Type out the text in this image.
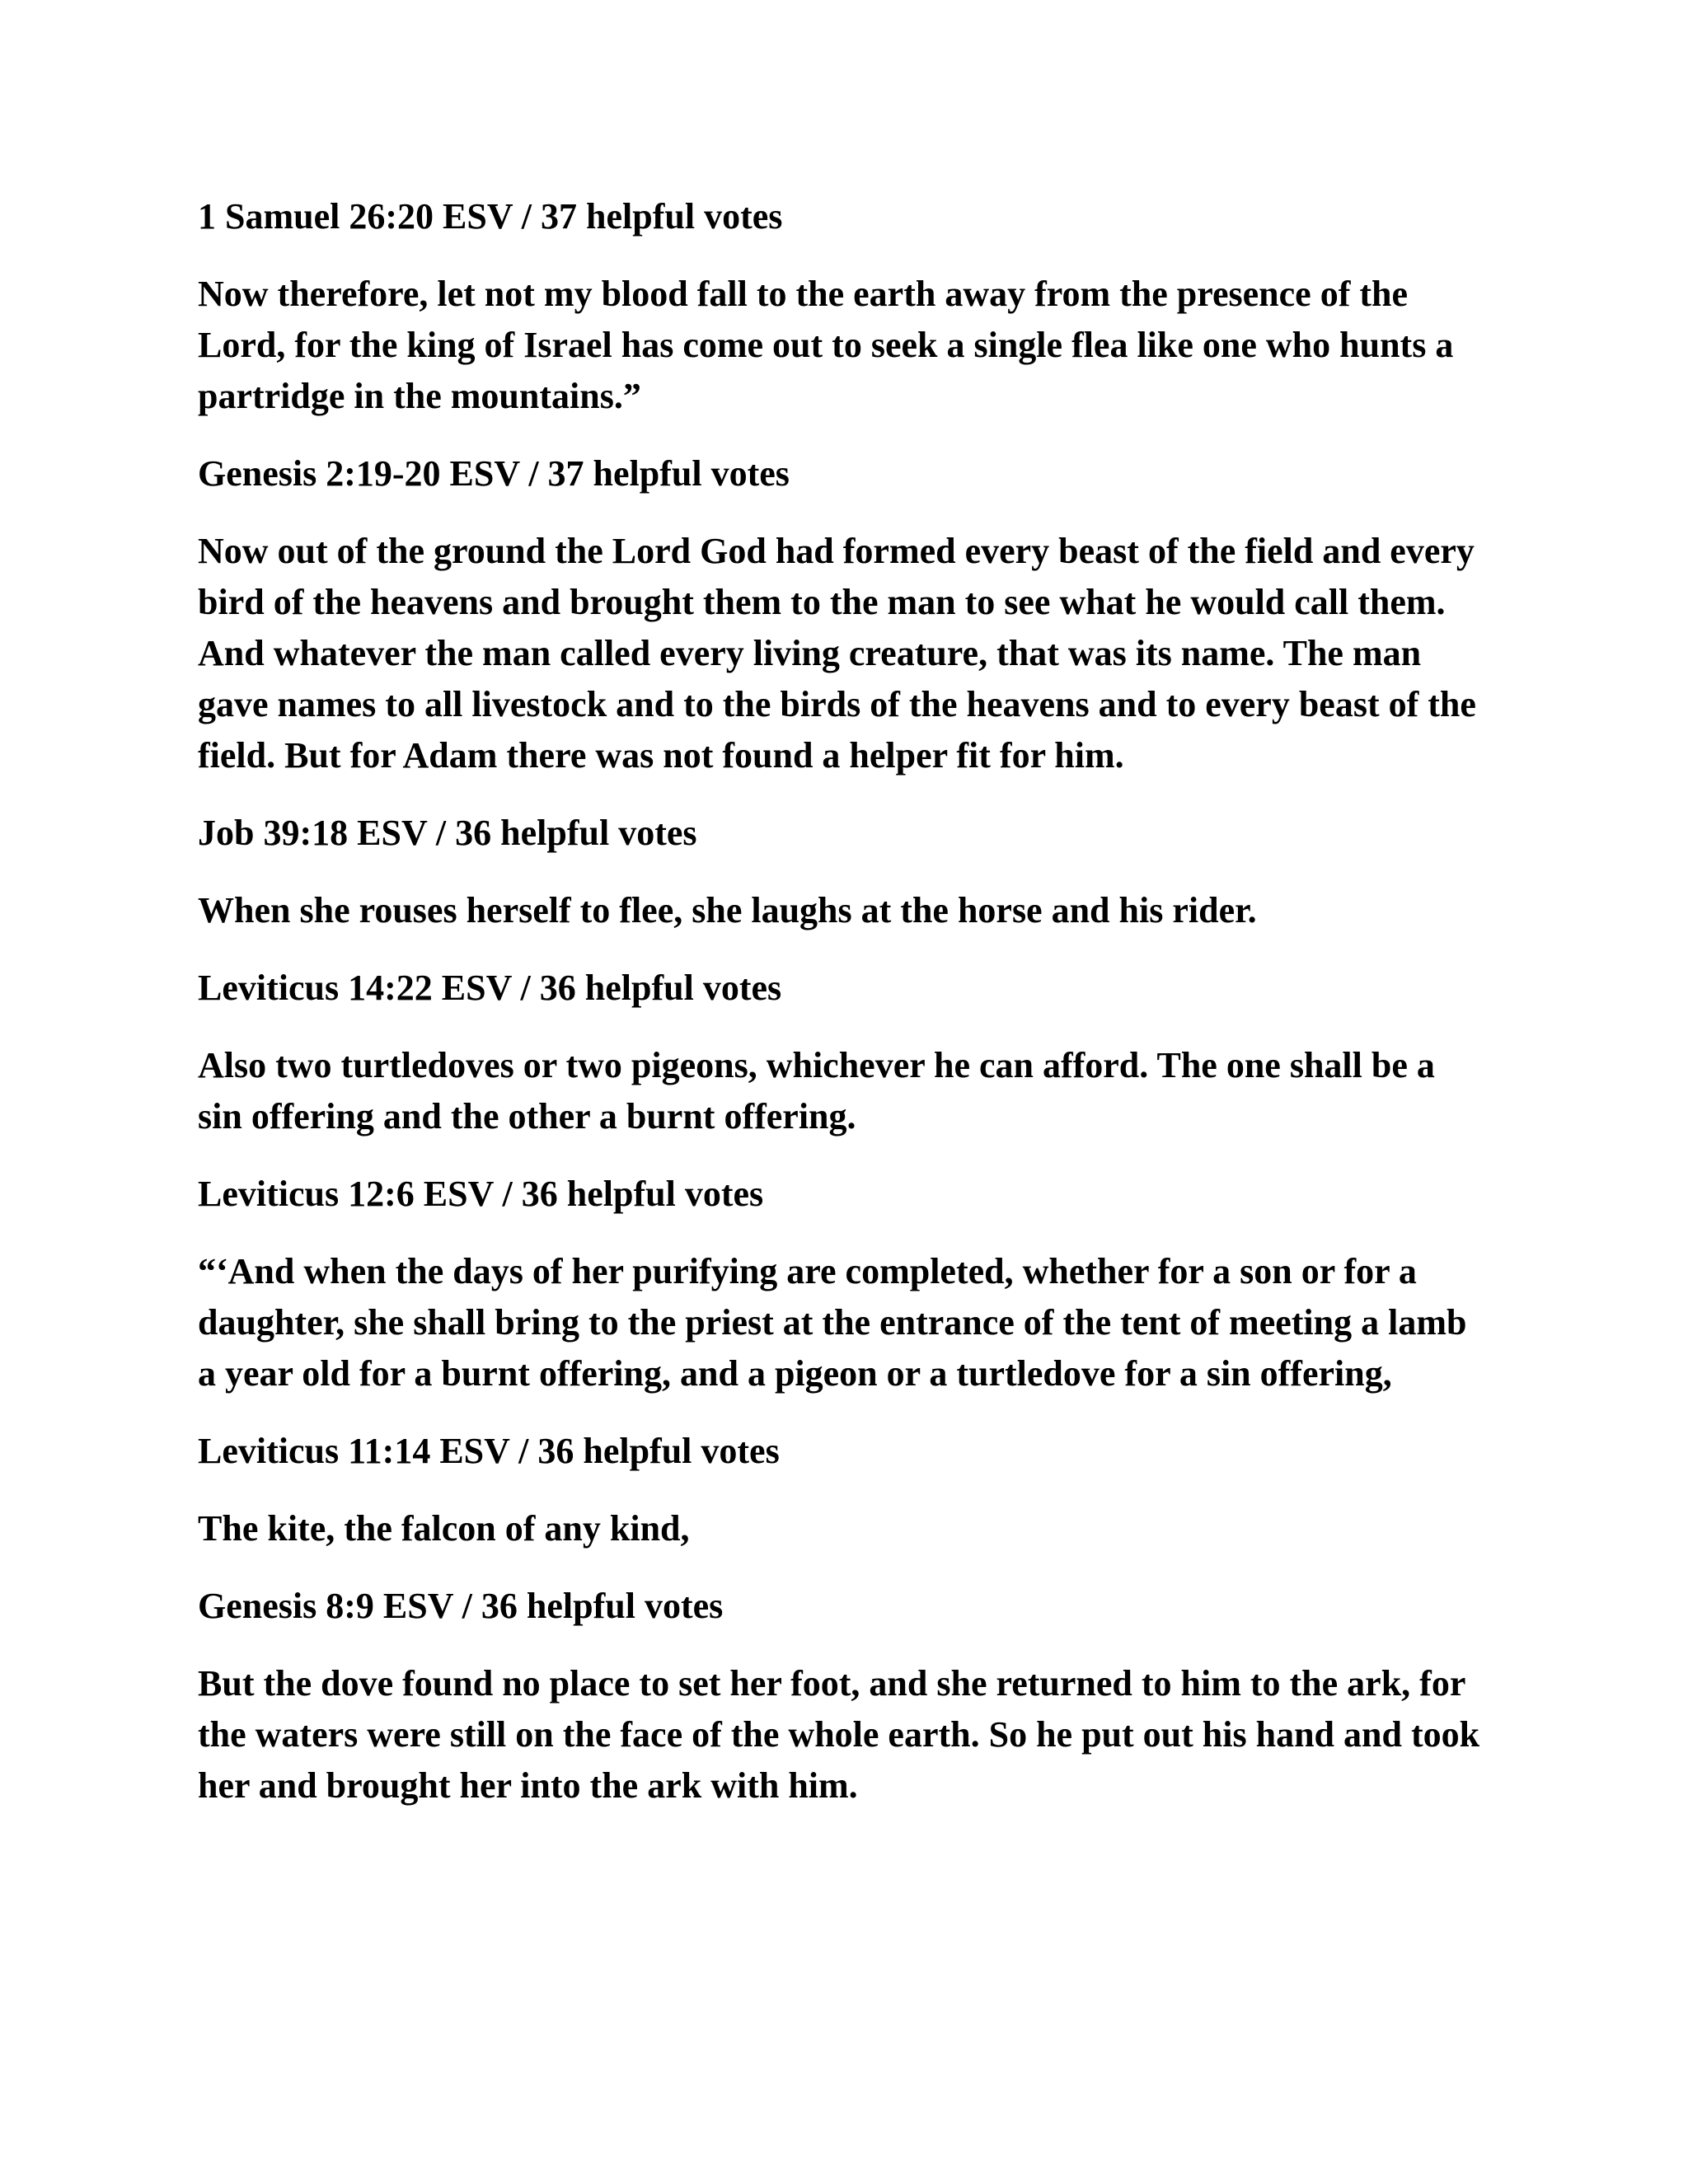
1 Samuel 26:20 ESV / 37 helpful votes

Now therefore, let not my blood fall to the earth away from the presence of the Lord, for the king of Israel has come out to seek a single flea like one who hunts a partridge in the mountains.”

Genesis 2:19-20 ESV / 37 helpful votes

Now out of the ground the Lord God had formed every beast of the field and every bird of the heavens and brought them to the man to see what he would call them. And whatever the man called every living creature, that was its name. The man gave names to all livestock and to the birds of the heavens and to every beast of the field. But for Adam there was not found a helper fit for him.

Job 39:18 ESV / 36 helpful votes

When she rouses herself to flee, she laughs at the horse and his rider.

Leviticus 14:22 ESV / 36 helpful votes

Also two turtledoves or two pigeons, whichever he can afford. The one shall be a sin offering and the other a burnt offering.

Leviticus 12:6 ESV / 36 helpful votes

“‘And when the days of her purifying are completed, whether for a son or for a daughter, she shall bring to the priest at the entrance of the tent of meeting a lamb a year old for a burnt offering, and a pigeon or a turtledove for a sin offering,

Leviticus 11:14 ESV / 36 helpful votes

The kite, the falcon of any kind,

Genesis 8:9 ESV / 36 helpful votes

But the dove found no place to set her foot, and she returned to him to the ark, for the waters were still on the face of the whole earth. So he put out his hand and took her and brought her into the ark with him.
